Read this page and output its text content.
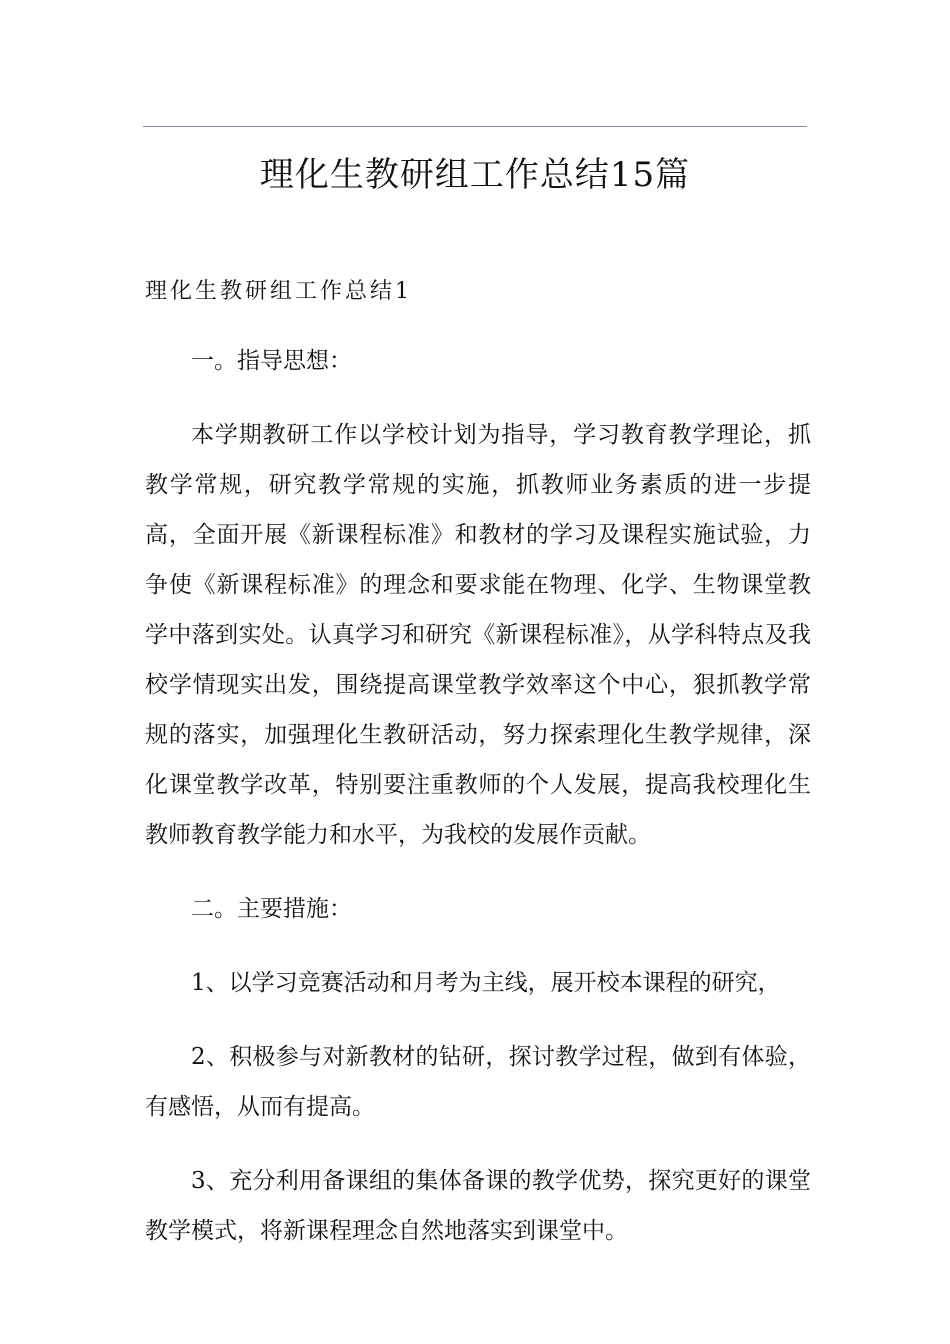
理化生教研组工作总结15篇
理化生教研组工作总结1

一。指导思想：

本学期教研工作以学校计划为指导，学习教育教学理论，抓教学常规，研究教学常规的实施，抓教师业务素质的进一步提高，全面开展《新课程标准》和教材的学习及课程实施试验，力争使《新课程标准》的理念和要求能在物理、化学、生物课堂教学中落到实处。认真学习和研究《新课程标准》，从学科特点及我校学情现实出发，围绕提高课堂教学效率这个中心，狠抓教学常规的落实，加强理化生教研活动，努力探索理化生教学规律，深化课堂教学改革，特别要注重教师的个人发展，提高我校理化生教师教育教学能力和水平，为我校的发展作贡献。

二。主要措施：

1、以学习竞赛活动和月考为主线，展开校本课程的研究，

2、积极参与对新教材的钻研，探讨教学过程，做到有体验，有感悟，从而有提高。

3、充分利用备课组的集体备课的教学优势，探究更好的课堂教学模式，将新课程理念自然地落实到课堂中。
